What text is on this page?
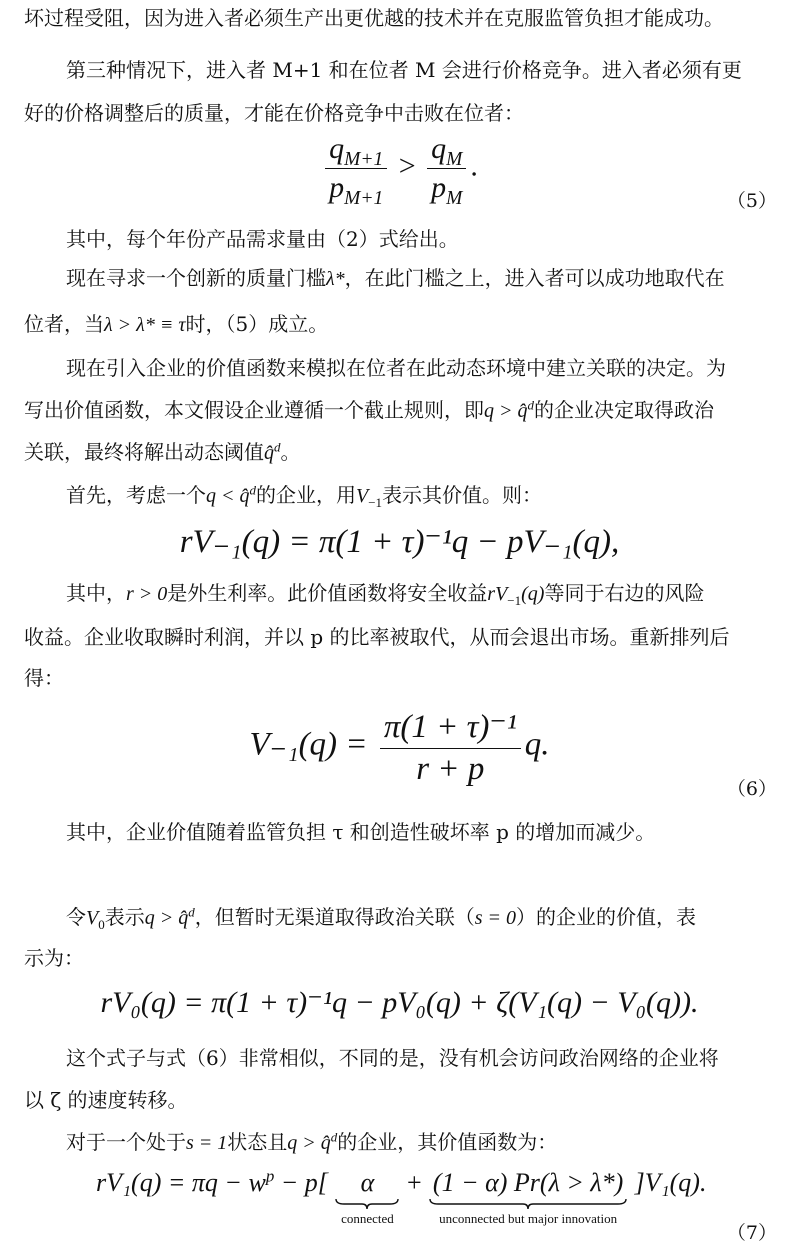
坏过程受阻，因为进入者必须生产出更优越的技术并在克服监管负担才能成功。
第三种情况下，进入者 M+1 和在位者 M 会进行价格竞争。进入者必须有更
好的价格调整后的质量，才能在价格竞争中击败在位者：
$\frac{q_{M+1}}{p_{M+1}} > \frac{q_M}{p_M}$ .
（5）
其中，每个年份产品需求量由（2）式给出。
现在寻求一个创新的质量门槛λ*，在此门槛之上，进入者可以成功地取代在
位者，当λ > λ* ≡ τ时，（5）成立。
现在引入企业的价值函数来模拟在位者在此动态环境中建立关联的决定。为
写出价值函数，本文假设企业遵循一个截止规则，即q > q̂$^d$的企业决定取得政治
关联，最终将解出动态阈值q̂$^d$。
首先，考虑一个q < q̂$^d$的企业，用$V_{-1}$表示其价值。则：
rV₋₁(q) = π(1 + τ)⁻¹q − pV₋₁(q),
其中，r > 0是外生利率。此价值函数将安全收益$rV_{-1}(q)$等同于右边的风险
收益。企业收取瞬时利润，并以 p 的比率被取代，从而会退出市场。重新排列后
得：
$V_{-1}(q) = \frac{\text{π(1 + τ)⁻¹}}{r + p} q$.
（6）
其中，企业价值随着监管负担 τ 和创造性破坏率 p 的增加而减少。
令$V_0$表示q > q̂$^d$，但暂时无渠道取得政治关联（s = 0）的企业的价值，表
示为：
rV₀(q) = π(1 + τ)⁻¹q − pV₀(q) + ζ(V₁(q) − V₀(q)).
这个式子与式（6）非常相似，不同的是，没有机会访问政治网络的企业将
以 ζ 的速度转移。
对于一个处于s = 1状态且q > q̂$^d$的企业，其价值函数为：
$rV_1(q) = \pi q - w^p - p$[ α
connected
+ (1 − α) Pr(λ > λ*)
unconnected but major innovation
]V₁(q).
（7）
